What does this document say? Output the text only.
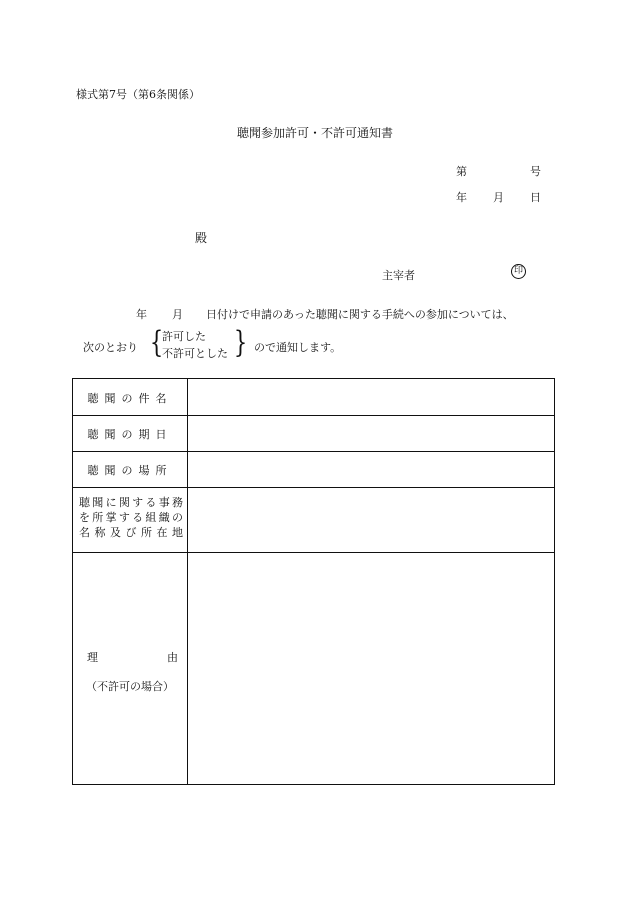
様式第7号（第6条関係）
聴聞参加許可・不許可通知書
第	号
年 月 日
殿
主宰者	印
年 月 日付けで申請のあった聴聞に関する手続への参加については、
次のとおり {
許可した
不許可とした } ので通知します。
聴聞の件名
聴聞の期日
聴聞の場所
聴聞に関する事務
を所掌する組織の
名称及び所在地
理	由
（不許可の場合）
